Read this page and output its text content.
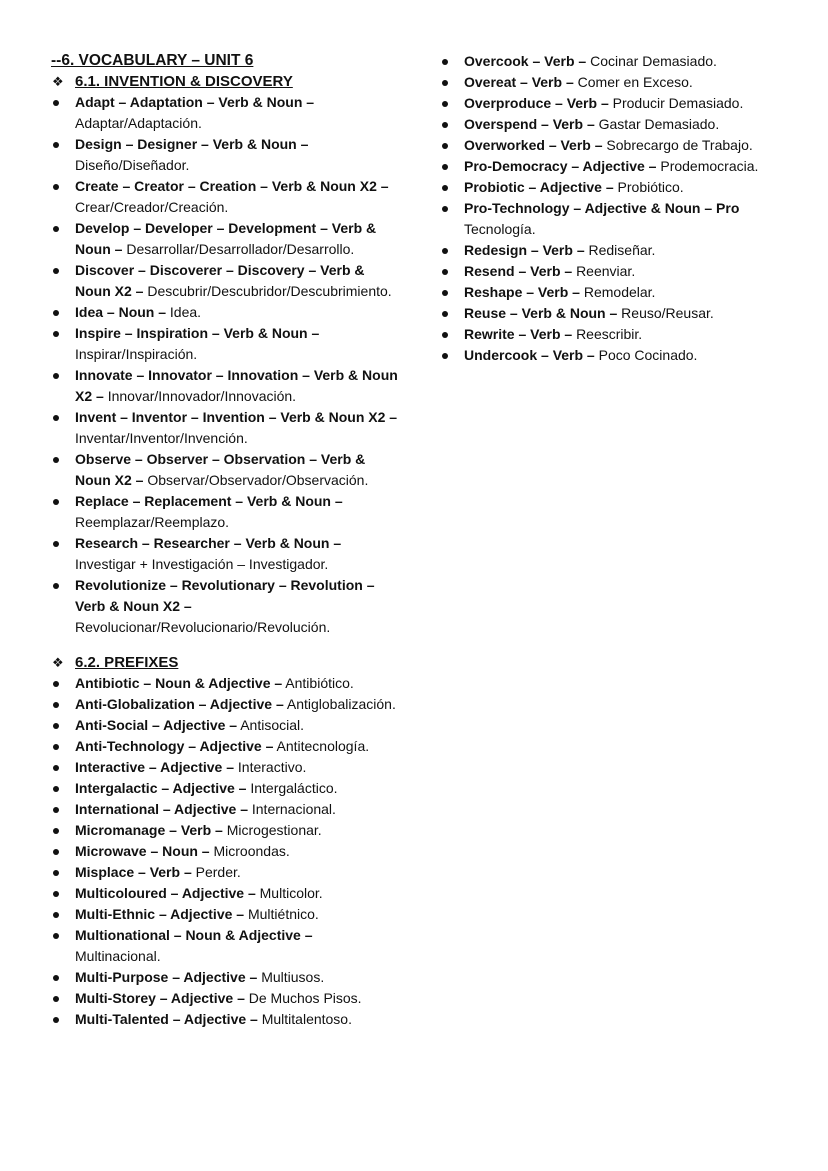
--6. VOCABULARY – UNIT 6
❖ 6.1. INVENTION & DISCOVERY
Adapt – Adaptation – Verb & Noun – Adaptar/Adaptación.
Design – Designer – Verb & Noun – Diseño/Diseñador.
Create – Creator – Creation – Verb & Noun X2 – Crear/Creador/Creación.
Develop – Developer – Development – Verb & Noun – Desarrollar/Desarrollador/Desarrollo.
Discover – Discoverer – Discovery – Verb & Noun X2 – Descubrir/Descubridor/Descubrimiento.
Idea – Noun – Idea.
Inspire – Inspiration – Verb & Noun – Inspirar/Inspiración.
Innovate – Innovator – Innovation – Verb & Noun X2 – Innovar/Innovador/Innovación.
Invent – Inventor – Invention – Verb & Noun X2 – Inventar/Inventor/Invención.
Observe – Observer – Observation – Verb & Noun X2 – Observar/Observador/Observación.
Replace – Replacement – Verb & Noun – Reemplazar/Reemplazo.
Research – Researcher – Verb & Noun – Investigar + Investigación – Investigador.
Revolutionize – Revolutionary – Revolution – Verb & Noun X2 – Revolucionar/Revolucionario/Revolución.
❖ 6.2. PREFIXES
Antibiotic – Noun & Adjective – Antibiótico.
Anti-Globalization – Adjective – Antiglobalización.
Anti-Social – Adjective – Antisocial.
Anti-Technology – Adjective – Antitecnología.
Interactive – Adjective – Interactivo.
Intergalactic – Adjective – Intergaláctico.
International – Adjective – Internacional.
Micromanage – Verb – Microgestionar.
Microwave – Noun – Microondas.
Misplace – Verb – Perder.
Multicoloured – Adjective – Multicolor.
Multi-Ethnic – Adjective – Multiétnico.
Multionational – Noun & Adjective – Multinacional.
Multi-Purpose – Adjective – Multiusos.
Multi-Storey – Adjective – De Muchos Pisos.
Multi-Talented – Adjective – Multitalentoso.
Overcook – Verb – Cocinar Demasiado.
Overeat – Verb – Comer en Exceso.
Overproduce – Verb – Producir Demasiado.
Overspend – Verb – Gastar Demasiado.
Overworked – Verb – Sobrecargo de Trabajo.
Pro-Democracy – Adjective – Prodemocracia.
Probiotic – Adjective – Probiótico.
Pro-Technology – Adjective & Noun – Pro Tecnología.
Redesign – Verb – Rediseñar.
Resend – Verb – Reenviar.
Reshape – Verb – Remodelar.
Reuse – Verb & Noun – Reuso/Reusar.
Rewrite – Verb – Reescribir.
Undercook – Verb – Poco Cocinado.
